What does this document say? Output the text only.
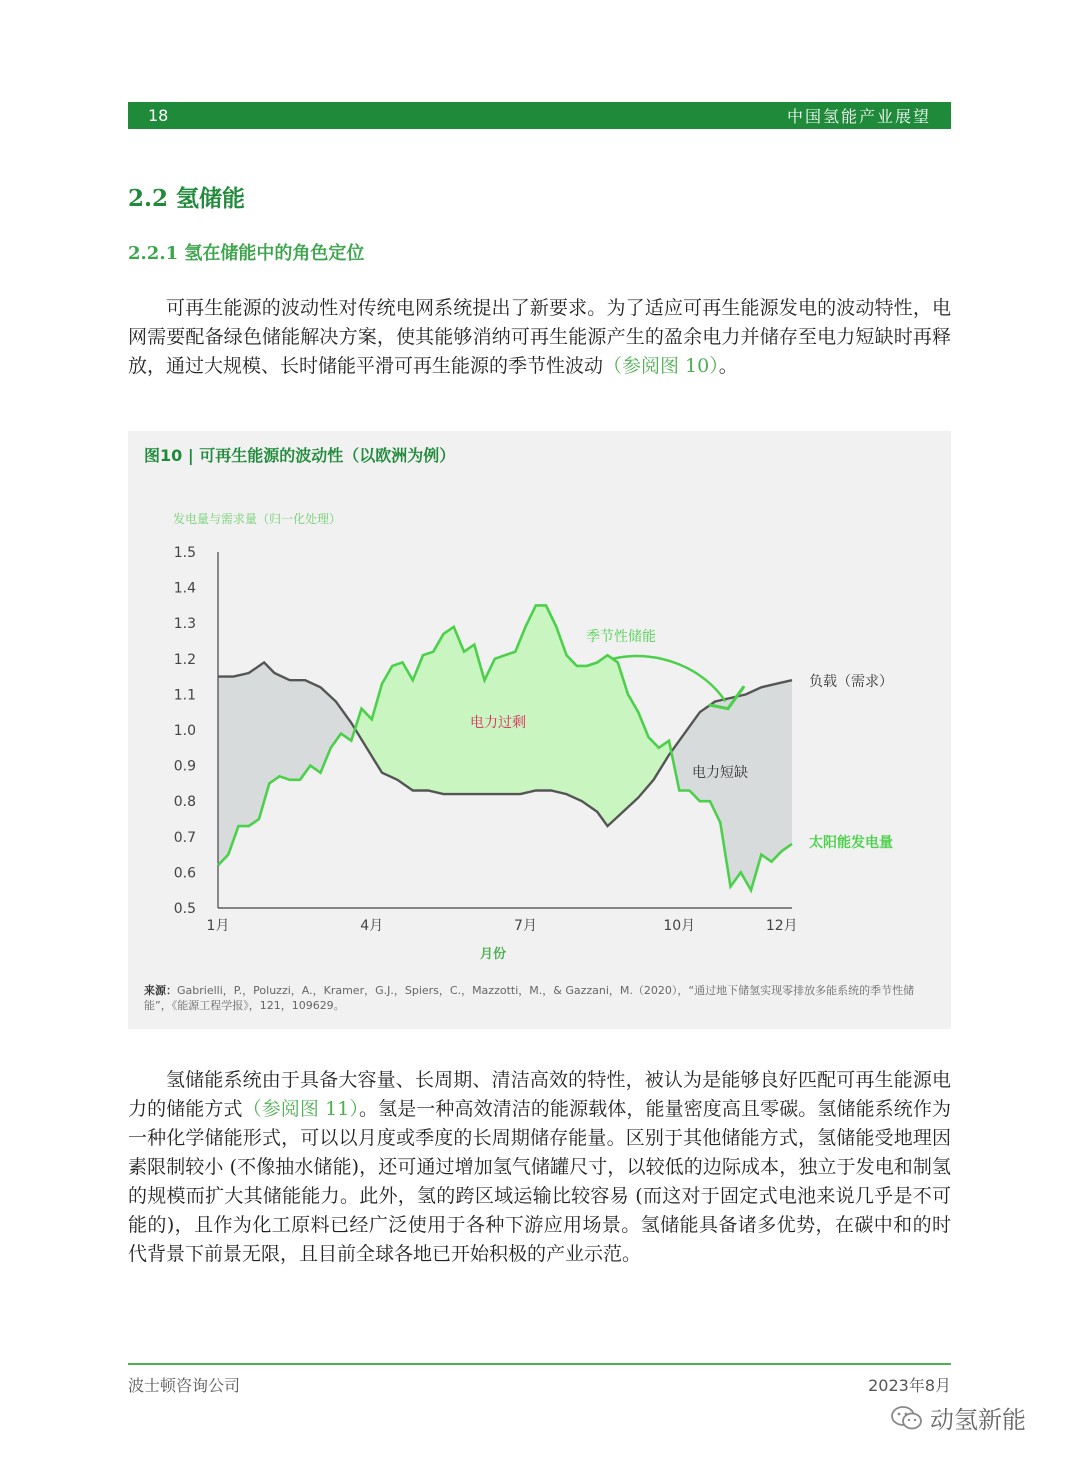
18	中国氢能产业展望
2.2 氢储能
2.2.1 氢在储能中的角色定位

可再生能源的波动性对传统电网系统提出了新要求。为了适应可再生能源发电的波动特性，电网需要配备绿色储能解决方案，使其能够消纳可再生能源产生的盈余电力并储存至电力短缺时再释放，通过大规模、长时储能平滑可再生能源的季节性波动（参阅图 10）。

图10 | 可再生能源的波动性（以欧洲为例）
1.5
1.4
1.3
1.2
1.1
1.0
0.9
0.8
0.7
0.6
0.5
1月	4月	7月	10月	12月
发电量与需求量（归一化处理）
月份
季节性储能
负载（需求）
电力过剩
电力短缺
太阳能发电量
来源：Gabrielli，P.，Poluzzi，A.，Kramer，G.J.，Spiers，C.，Mazzotti，M.，& Gazzani，M.（2020），“通过地下储氢实现零排放多能系统的季节性储能”，《能源工程学报》，121，109629。
氢储能系统由于具备大容量、长周期、清洁高效的特性，被认为是能够良好匹配可再生能源电力的储能方式（参阅图 11）。氢是一种高效清洁的能源载体，能量密度高且零碳。氢储能系统作为一种化学储能形式，可以以月度或季度的长周期储存能量。区别于其他储能方式，氢储能受地理因素限制较小 (不像抽水储能)，还可通过增加氢气储罐尺寸，以较低的边际成本，独立于发电和制氢的规模而扩大其储能能力。此外，氢的跨区域运输比较容易 (而这对于固定式电池来说几乎是不可能的)，且作为化工原料已经广泛使用于各种下游应用场景。氢储能具备诸多优势，在碳中和的时代背景下前景无限，且目前全球各地已开始积极的产业示范。
波士顿咨询公司	2023年8月
动氢新能
